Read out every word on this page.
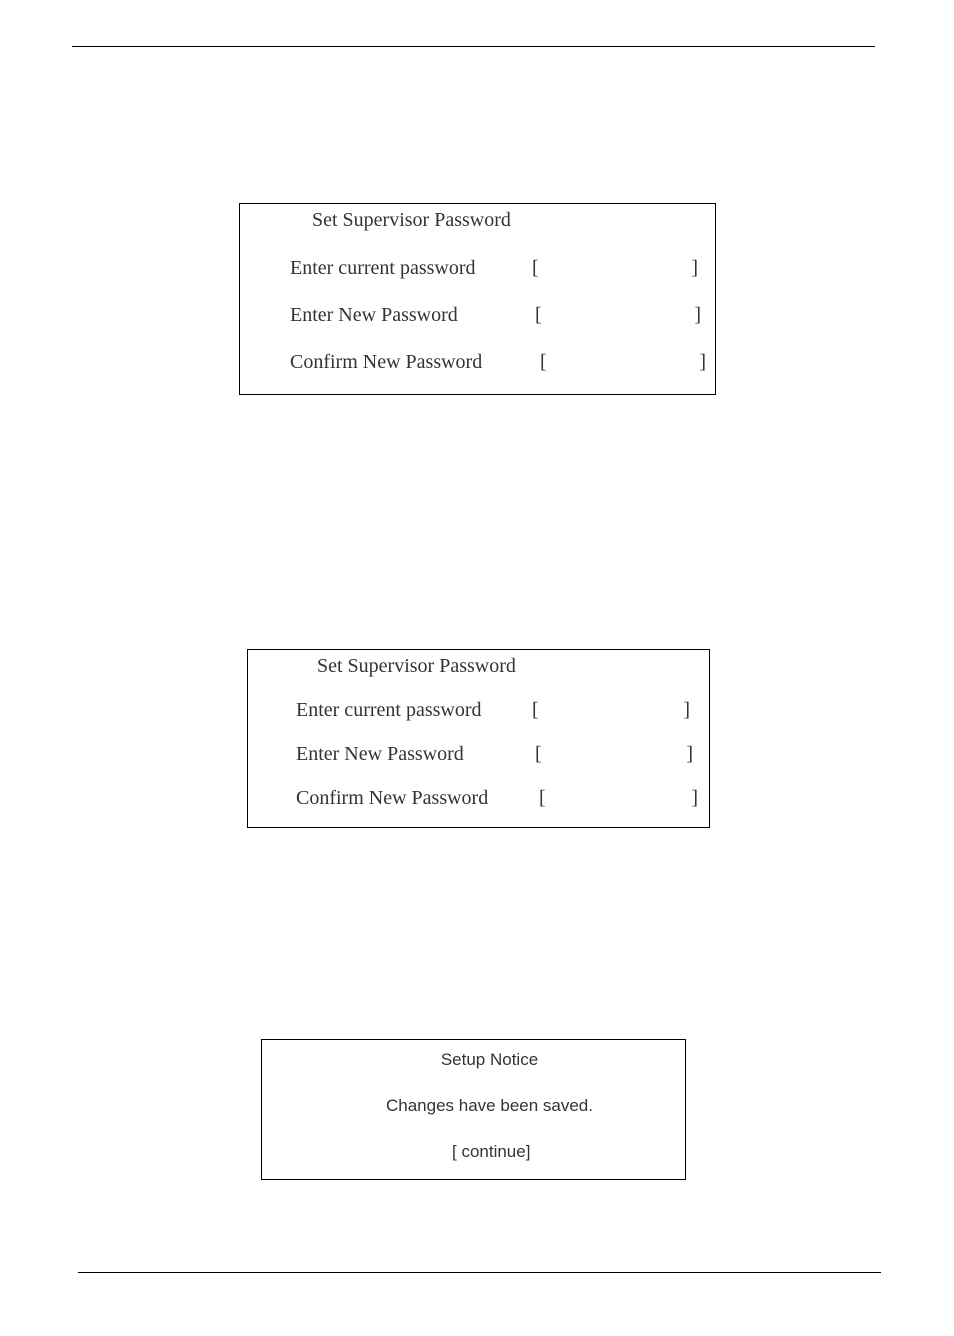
Set Supervisor Password
Enter current password	[	]
Enter New Password	[	]
Confirm New Password	[	]
Set Supervisor Password
Enter current password	[	]
Enter New Password	[	]
Confirm New Password	[	]
Setup Notice
Changes have been saved.
[ continue]
